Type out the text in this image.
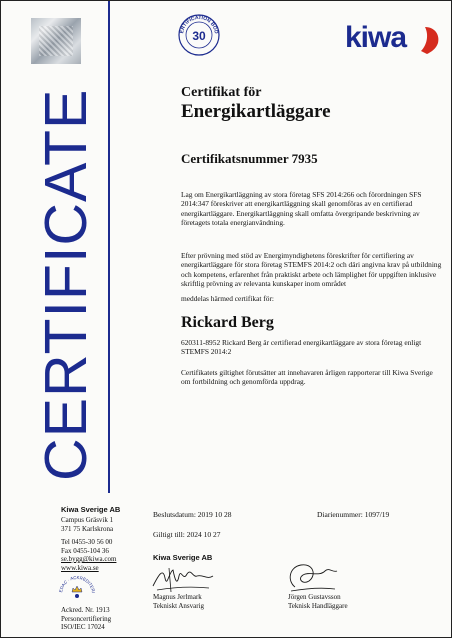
CERTIFICATE
ERTIFICATION BOD
30	kiwa
Certifikat för
Energikartläggare
Certifikatsnummer 7935
Lag om Energikartläggning av stora företag SFS 2014:266 och förordningen SFS 2014:347 föreskriver att energikartläggning skall genomföras av en certifierad energikartläggare. Energikartläggning skall omfatta övergripande beskrivning av företagets totala energianvändning.
Efter prövning med stöd av Energimyndighetens föreskrifter för certifiering av energikartläggare för stora företag STEMFS 2014:2 och däri angivna krav på utbildning och kompetens, erfarenhet från praktiskt arbete och lämplighet för uppgiften inklusive skriftlig prövning av relevanta kunskaper inom området
meddelas härmed certifikat för:
Rickard Berg
620311-8952 Rickard Berg är certifierad energikartläggare av stora företag enligt STEMFS 2014:2
Certifikatets giltighet förutsätter att innehavaren årligen rapporterar till Kiwa Sverige om fortbildning och genomförda uppdrag.
Kiwa Sverige AB
Campus Gräsvik 1
371 75 Karlskrona
Tel 0455-30 56 00
Fax 0455-104 36
se.bygg@kiwa.com
www.kiwa.se
EDAC · ACKREDITERI
Ackred. Nr. 1913
Personcertifiering
ISO/IEC 17024
Beslutsdatum: 2019 10 28
Giltigt till: 2024 10 27
Diarienummer: 1097/19
Kiwa Sverige AB
Magnus Jerlmark
Tekniskt Ansvarig
Jörgen Gustavsson
Teknisk Handläggare
